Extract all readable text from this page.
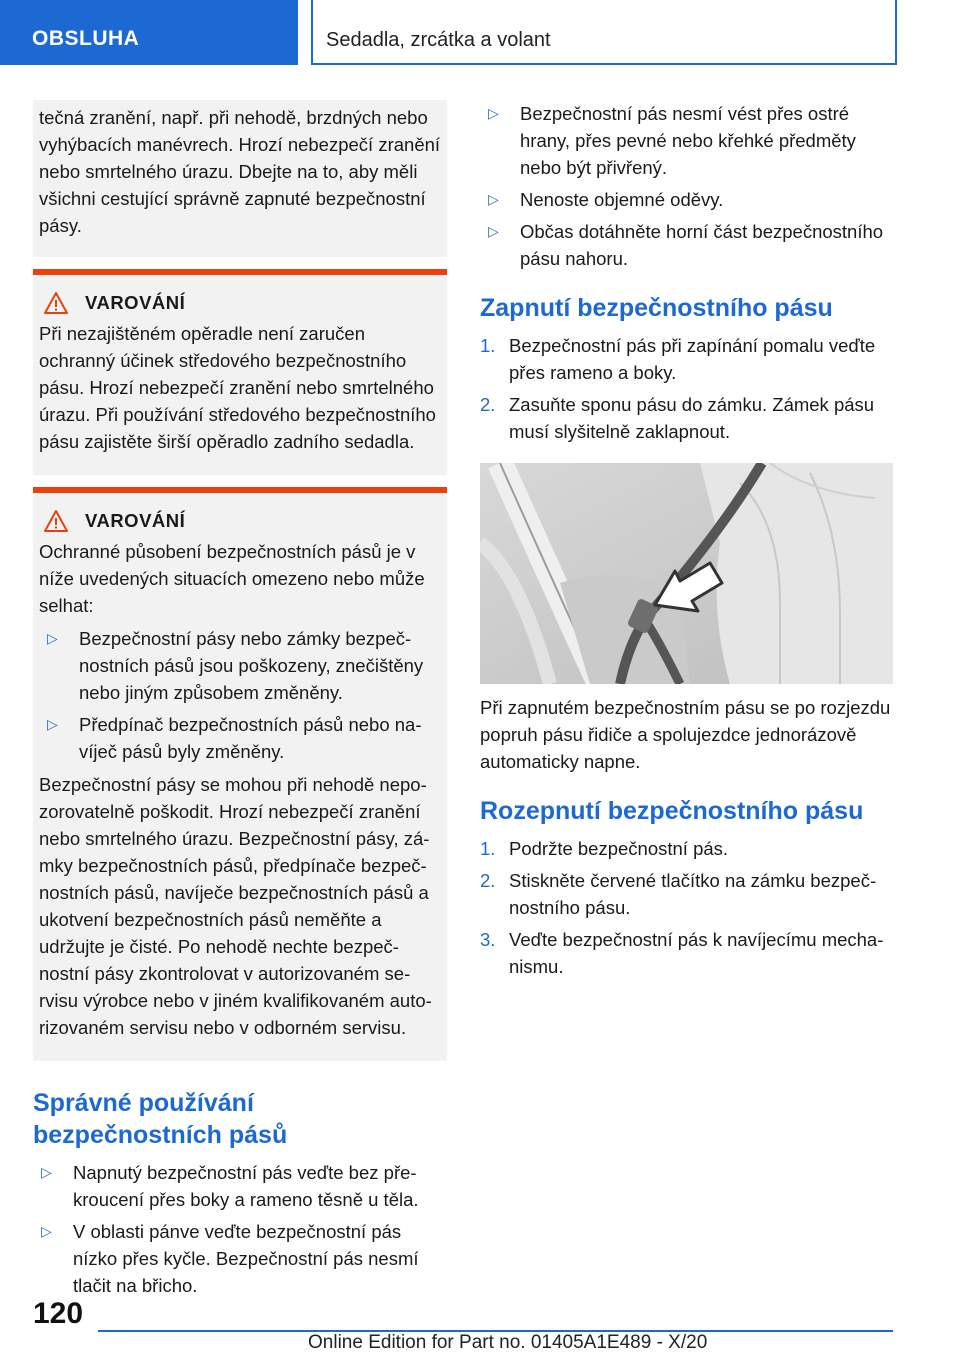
OBSLUHA	Sedadla, zrcátka a volant

tečná zranění, např. při nehodě, brzdných nebo vyhýbacích manévrech. Hrozí nebezpečí zranění nebo smrtelného úrazu. Dbejte na to, aby měli všichni cestující správně zapnuté bezpečnostní pásy.

VAROVÁNÍ

Při nezajištěném opěradle není zaručen ochranný účinek středového bezpečnostního pásu. Hrozí nebezpečí zranění nebo smrtelného úrazu. Při používání středového bezpečnostního pásu zajistěte širší opěradlo zadního sedadla.

VAROVÁNÍ

Ochranné působení bezpečnostních pásů je v níže uvedených situacích omezeno nebo může selhat:

▷ Bezpečnostní pásy nebo zámky bezpečnostních pásů jsou poškozeny, znečištěny nebo jiným způsobem změněny.
▷ Předpínač bezpečnostních pásů nebo navíječ pásů byly změněny.

Bezpečnostní pásy se mohou při nehodě nepozorovatelně poškodit. Hrozí nebezpečí zranění nebo smrtelného úrazu. Bezpečnostní pásy, zámky bezpečnostních pásů, předpínače bezpečnostních pásů, navíječe bezpečnostních pásů a ukotvení bezpečnostních pásů neměňte a udržujte je čisté. Po nehodě nechte bezpečnostní pásy zkontrolovat v autorizovaném servisu výrobce nebo v jiném kvalifikovaném autorizovaném servisu nebo v odborném servisu.

Správné používání bezpečnostních pásů
▷ Napnutý bezpečnostní pás veďte bez překroucení přes boky a rameno těsně u těla.
▷ V oblasti pánve veďte bezpečnostní pás nízko přes kyčle. Bezpečnostní pás nesmí tlačit na břicho.
▷ Bezpečnostní pás nesmí vést přes ostré hrany, přes pevné nebo křehké předměty nebo být přivřený.
▷ Nenoste objemné oděvy.
▷ Občas dotáhněte horní část bezpečnostního pásu nahoru.
Zapnutí bezpečnostního pásu
1. Bezpečnostní pás při zapínání pomalu veďte přes rameno a boky.
2. Zasuňte sponu pásu do zámku. Zámek pásu musí slyšitelně zaklapnout.

Při zapnutém bezpečnostním pásu se po rozjezdu popruh pásu řidiče a spolujezdce jednorázově automaticky napne.

Rozepnutí bezpečnostního pásu
1. Podržte bezpečnostní pás.
2. Stiskněte červené tlačítko na zámku bezpečnostního pásu.
3. Veďte bezpečnostní pás k navíjecímu mechanismu.
120
Online Edition for Part no. 01405A1E489 - X/20
